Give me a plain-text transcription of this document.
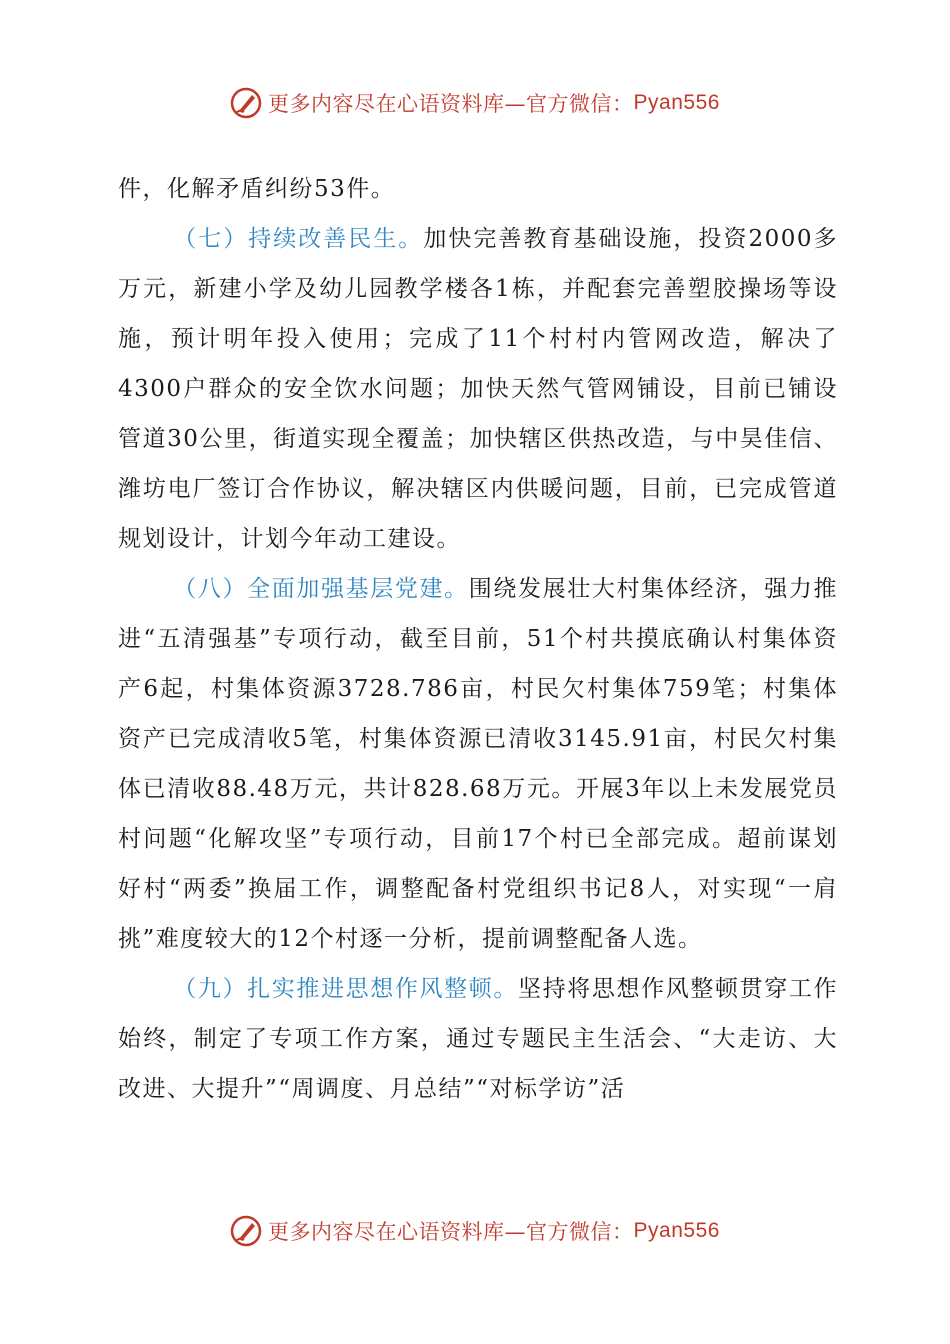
更多内容尽在心语资料库—官方微信： Pyan556

件，化解矛盾纠纷53件。

（七）持续改善民生。加快完善教育基础设施，投资2000多万元，新建小学及幼儿园教学楼各1栋，并配套完善塑胶操场等设施，预计明年投入使用；完成了11个村村内管网改造，解决了4300户群众的安全饮水问题；加快天然气管网铺设，目前已铺设管道30公里，街道实现全覆盖；加快辖区供热改造，与中昊佳信、潍坊电厂签订合作协议，解决辖区内供暖问题，目前，已完成管道规划设计，计划今年动工建设。

（八）全面加强基层党建。围绕发展壮大村集体经济，强力推进“五清强基”专项行动，截至目前，51个村共摸底确认村集体资产6起，村集体资源3728.786亩，村民欠村集体759笔；村集体资产已完成清收5笔，村集体资源已清收3145.91亩，村民欠村集体已清收88.48万元，共计828.68万元。开展3年以上未发展党员村问题“化解攻坚”专项行动，目前17个村已全部完成。超前谋划好村“两委”换届工作，调整配备村党组织书记8人，对实现“一肩挑”难度较大的12个村逐一分析，提前调整配备人选。

（九）扎实推进思想作风整顿。坚持将思想作风整顿贯穿工作始终，制定了专项工作方案，通过专题民主生活会、“大走访、大改进、大提升”“周调度、月总结”“对标学访”活

更多内容尽在心语资料库—官方微信： Pyan556
